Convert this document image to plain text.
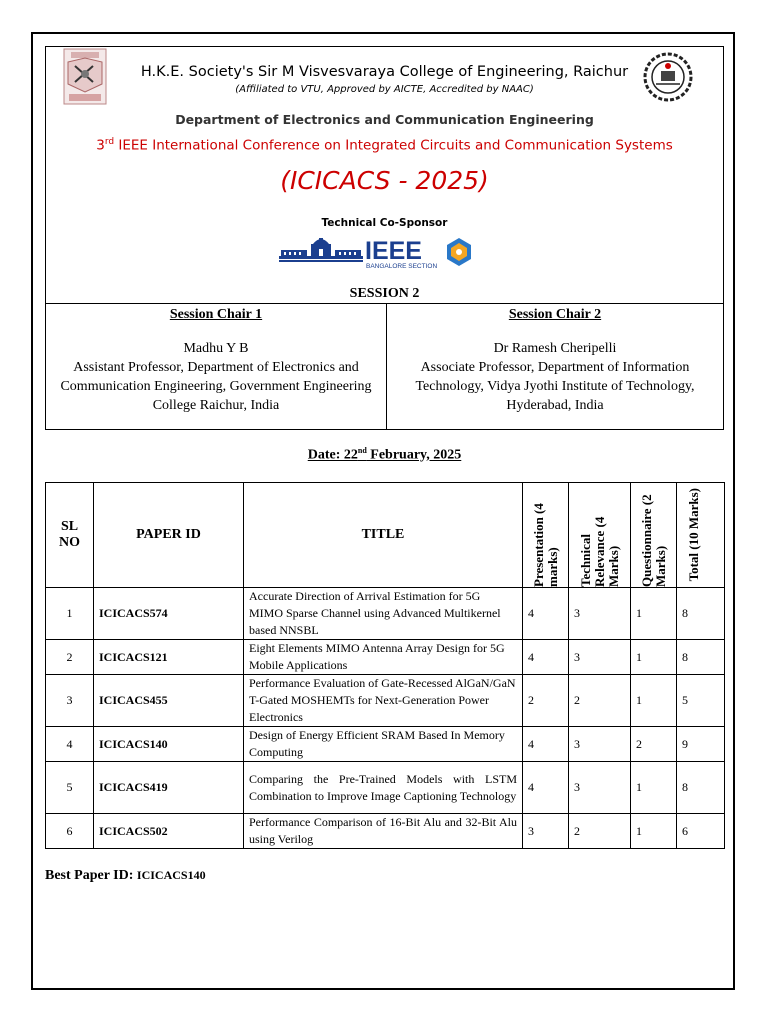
H.K.E. Society's Sir M Visvesvaraya College of Engineering, Raichur
(Affiliated to VTU, Approved by AICTE, Accredited by NAAC)
Department of Electronics and Communication Engineering
3rd IEEE International Conference on Integrated Circuits and Communication Systems
(ICICACS - 2025)
Technical Co-Sponsor
IEEE
BANGALORE SECTION
SESSION 2
Session Chair 1
Madhu Y B
Assistant Professor, Department of Electronics and Communication Engineering, Government Engineering College Raichur, India
Session Chair 2
Dr Ramesh Cheripelli
Associate Professor, Department of Information Technology, Vidya Jyothi Institute of Technology, Hyderabad, India
Date: 22nd February, 2025
SL NO	PAPER ID	TITLE	Presentation (4 marks)	Technical Relevance (4 Marks)	Questionnaire (2 Marks)	Total (10 Marks)

1	ICICACS574	Accurate Direction of Arrival Estimation for 5G MIMO Sparse Channel using Advanced Multikernel based NNSBL	4	3	1	8
2	ICICACS121	Eight Elements MIMO Antenna Array Design for 5G Mobile Applications	4	3	1	8
3	ICICACS455	Performance Evaluation of Gate-Recessed AlGaN/GaN T-Gated MOSHEMTs for Next-Generation Power Electronics	2	2	1	5
4	ICICACS140	Design of Energy Efficient SRAM Based In Memory Computing	4	3	2	9
5	ICICACS419	Comparing the Pre-Trained Models with LSTM Combination to Improve Image Captioning Technology	4	3	1	8
6	ICICACS502	Performance Comparison of 16-Bit Alu and 32-Bit Alu using Verilog	3	2	1	6
Best Paper ID: ICICACS140
